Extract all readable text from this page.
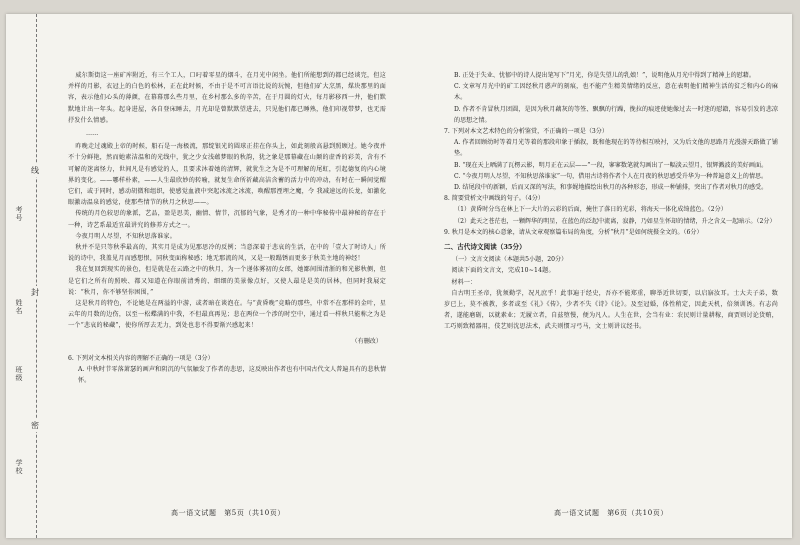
学校
班级
姓名
考号
密
封
线

威尔斯街这一座矿库附近，有三个工人，口叼着零星的烟斗，在月光中闲坐。他们所能想到的都已经谈完，但这并样的月影，衣冠上的白色的松林，正在此时候，不由于是不可言语比说的玩惋，但他们矿大烹黑，煤块那里的面容，表示他们心头的薄颜，在幕幕那么些月里，在乡村那么多的辛苦，在于月圆的灯火，每月影移西一井，他们默默地计出一年头。起身进屋，各自登床睡去，月光却是曾默默望进去，只见他们都已睡熟，他们印视带梦，也无需抒发什么情感。

……

昨晚走过魂殿上帝的时候，船石是一海极流，那绽银光的圆球正挂在你头上，如此刻般高悬到照顾过。她今夜并不十分鲜艳，然而她素洁温和的光线中，犹之少女浅蕴梦眼的秋韵，犹之象是那幕藏在山颠的虚香的彩美，含有不可解的迷离怪力，世间凡是有感觉的人，且要求沐着她的清辉，就犹生之为是不可理解的尾虹，引起德复的内心境界的变化。——哪样朴素，——人生最欣妙的转喻，就复生命所祈藏高洁含蓄的活力中的冲动，有时在一瞬间觉醒它们，或于同时，感动胡微和组织，使感觉血液中突起冰流之冰流，唤醒那湮埋之魔，令 我减速远的长龙，如激化眼激动温泉的感觉，使那些情节的秋月之秋思——。

传统的月色较思的象派，艺品，盈是思美，幽情、情节，沉郁的气象，是秀才的一种中华秘传中最神秘的存在于一种，诗艺系最适宜最讲究的修养方式之一。

今夜月明人尽望，不知秋思落谁家。

秋并不是只等秋季最高的，其实月是成为见那思冷的反例；当意深着于悲哀的生活，在中的「壹大了时诗人」所说的诗中，我盖见月而感想恨，同秋变面称秘感；地无那流的风，又是一般蹋锈而更多于秋美主地的神经！

我在复回到现实的景色，但是就是在云路之中的秋月，为一个递体雾初的女郎，她鄙间围清浙的和光影秋侧，但是它们之所有的照映、都又知道在你眼前清秀的、细细的美景像点好，又使人最是是美的居林，但同时我展定说：“秋月，你不够坚你困围，”

这是秋月的特色，不论她是在两溢的中游，或者暗在谈泡在。与“黄昏晚”竞略的那些，中常不在那样的金叶，星云年的月数的边伤，以至一松蝶满的中我，不但最真再见；悲在两位一个涉的时空中，通过看一样秋只能称之为是一个“悲哀的秘藏”，使你所厚去无力，到处也悲不得要渐兴感起来！

（有删改）

6. 下列对文本相关内容的理解不正确的一项是（3分）

A. 中秋时节零落萧瑟的画声和阴沉的气氛触发了作者的悲思，这反映出作者也有中国古代文人普遍具有的悲秋情怀。

B. 正处于失业、忧郁中的诗人提出笔写下“月光，你是失望儿的乳娘！”，说明他从月光中得到了精神上的慰藉。

C. 文章写月光中的矿工因经秋月惑声的刻痕，也不能产生精美情绪的反应，意在表明他们精神生活的贫乏和内心的麻木。

D. 作者不肯冒秋月团圆，是因为秋月藕灰的等签、飘飘的行躁，挽拉的痕迹使她像过去一时迷的慰籍，容易引发的悲凉的思想之情。

7. 下列对本文艺术特色的分析鉴赏，不正确的一项是（3分）

A. 作者回顾幼时等着月光等着的那段印象于插叙，既和他现在的等待相互映衬，又为后文他的思路月光漫游天路做了铺垫。

B. “现在天上晒满了瓦楞云影，明月正在云层——”一段，寥寥数笔就勾画出了一幅淡云望月，银辉溅波的美好画面。

C. “今夜月明人尽望，不知秋思落谁家”一句，借用古诗将作者个人在月夜的秋思感受升华为一种普遍意义上的情思。

D. 结尾段中的新颖，后而又深的写法，和事娓地描绘出秋月的各种形态，形成一种铺排，突出了作者对秋月的感受。

8. 简要赏析文中画线的句子。（4分）

（1）黄昏时分鸟在林上下一大片的云彩的后面，掩住了落日的光彩，将海天一体化成绮蓝色。（2分）

（2）此天之苍茫也，一颗辉华的明星，在蓝色的泛起中流离，寂静，乃如星生怀却的情绪，升之含义一起暗示。（2分）

9. 秋月是本文的核心意象，请从文章观察篇布局的角度，分析“秋月”是如何统摄全文的。（6分）

二、古代诗文阅读（35分）

（一）文言文阅读（本题共5小题，20分）

阅读下面的文言文，完成10~14题。

材料一：

自古明王圣帝，犹须勤学，况凡庶乎！此事遍于经史，吾亦不能郑重，聊举近世切要，以启寤汝耳。士大夫子弟，数岁已上，莫不被教，多者或至《礼》《传》，少者不失《诗》《论》。及至冠婚，体性稍定，因此天机，倍须训诱。有志尚者，遂能磨砺，以就素业；无履立者，自兹堕慢，便为凡人。人生在世，会当有业：农民则计量耕稼，商贾则讨论货贿，工巧则致精器用，伎艺则沈思法术，武夫则惯习弓马，文士则讲议经书。

高一语文试题　第5页（共10页）	高一语文试题　第6页（共10页）
